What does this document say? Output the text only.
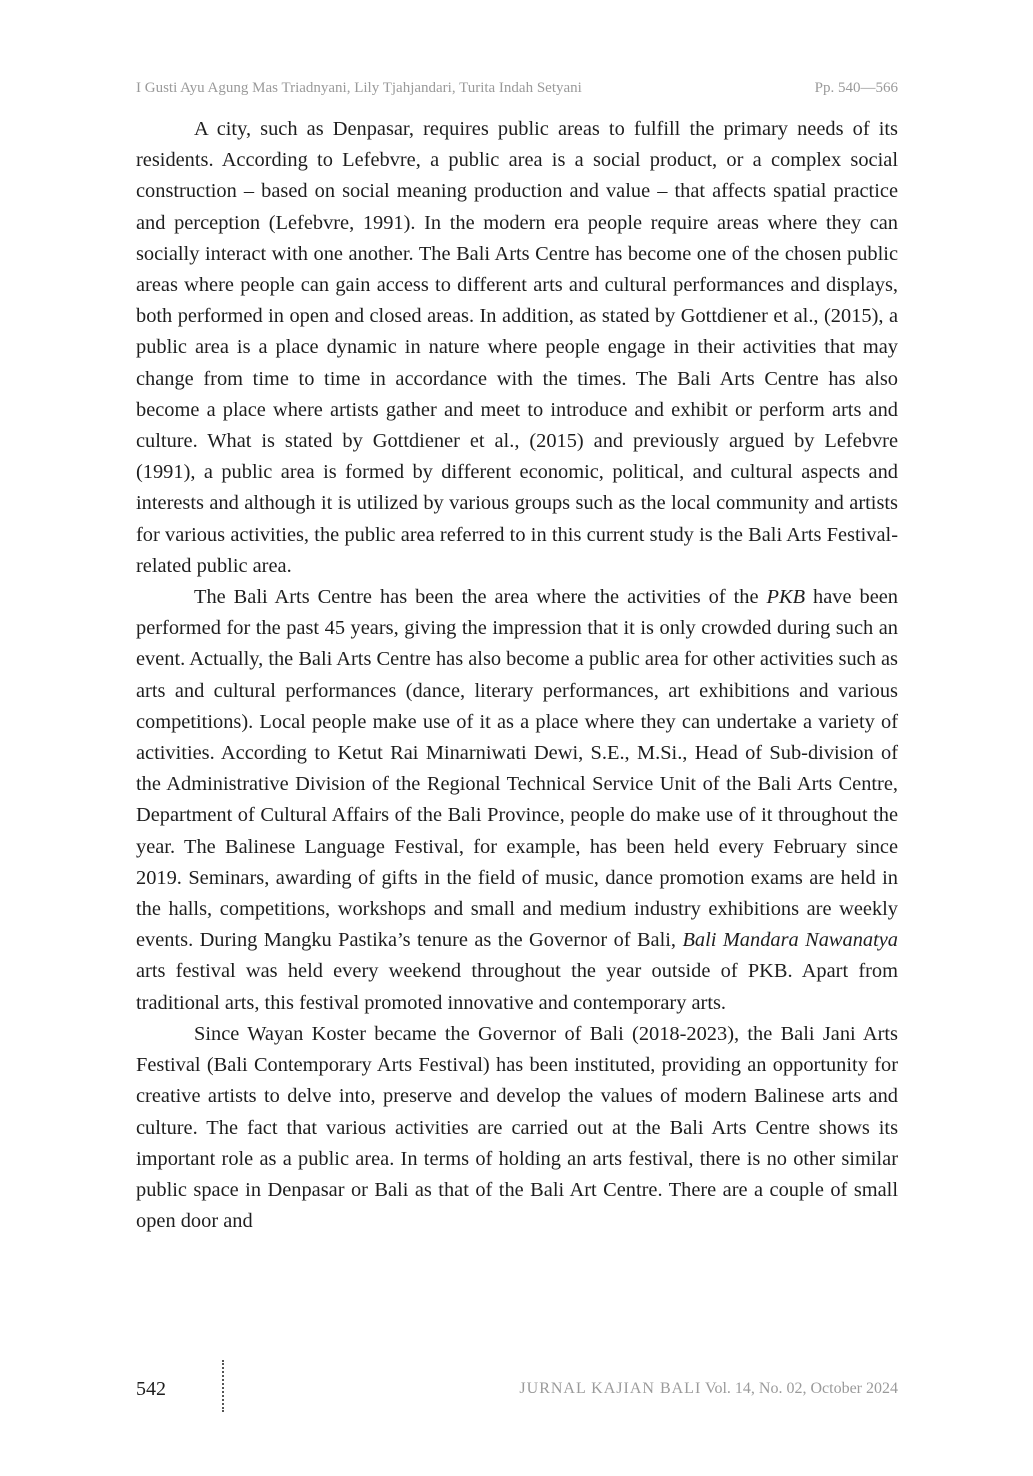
I Gusti Ayu Agung Mas Triadnyani, Lily Tjahjandari, Turita Indah Setyani	Pp. 540—566

A city, such as Denpasar, requires public areas to fulfill the primary needs of its residents. According to Lefebvre, a public area is a social product, or a complex social construction – based on social meaning production and value – that affects spatial practice and perception (Lefebvre, 1991). In the modern era people require areas where they can socially interact with one another. The Bali Arts Centre has become one of the chosen public areas where people can gain access to different arts and cultural performances and displays, both performed in open and closed areas. In addition, as stated by Gottdiener et al., (2015), a public area is a place dynamic in nature where people engage in their activities that may change from time to time in accordance with the times. The Bali Arts Centre has also become a place where artists gather and meet to introduce and exhibit or perform arts and culture. What is stated by Gottdiener et al., (2015) and previously argued by Lefebvre (1991), a public area is formed by different economic, political, and cultural aspects and interests and although it is utilized by various groups such as the local community and artists for various activities, the public area referred to in this current study is the Bali Arts Festival-related public area.

The Bali Arts Centre has been the area where the activities of the PKB have been performed for the past 45 years, giving the impression that it is only crowded during such an event. Actually, the Bali Arts Centre has also become a public area for other activities such as arts and cultural performances (dance, literary performances, art exhibitions and various competitions). Local people make use of it as a place where they can undertake a variety of activities. According to Ketut Rai Minarniwati Dewi, S.E., M.Si., Head of Sub-division of the Administrative Division of the Regional Technical Service Unit of the Bali Arts Centre, Department of Cultural Affairs of the Bali Province, people do make use of it throughout the year. The Balinese Language Festival, for example, has been held every February since 2019. Seminars, awarding of gifts in the field of music, dance promotion exams are held in the halls, competitions, workshops and small and medium industry exhibitions are weekly events. During Mangku Pastika’s tenure as the Governor of Bali, Bali Mandara Nawanatya arts festival was held every weekend throughout the year outside of PKB. Apart from traditional arts, this festival promoted innovative and contemporary arts.

Since Wayan Koster became the Governor of Bali (2018-2023), the Bali Jani Arts Festival (Bali Contemporary Arts Festival) has been instituted, providing an opportunity for creative artists to delve into, preserve and develop the values of modern Balinese arts and culture. The fact that various activities are carried out at the Bali Arts Centre shows its important role as a public area. In terms of holding an arts festival, there is no other similar public space in Denpasar or Bali as that of the Bali Art Centre. There are a couple of small open door and

542	JURNAL KAJIAN BALI Vol. 14, No. 02, October 2024
